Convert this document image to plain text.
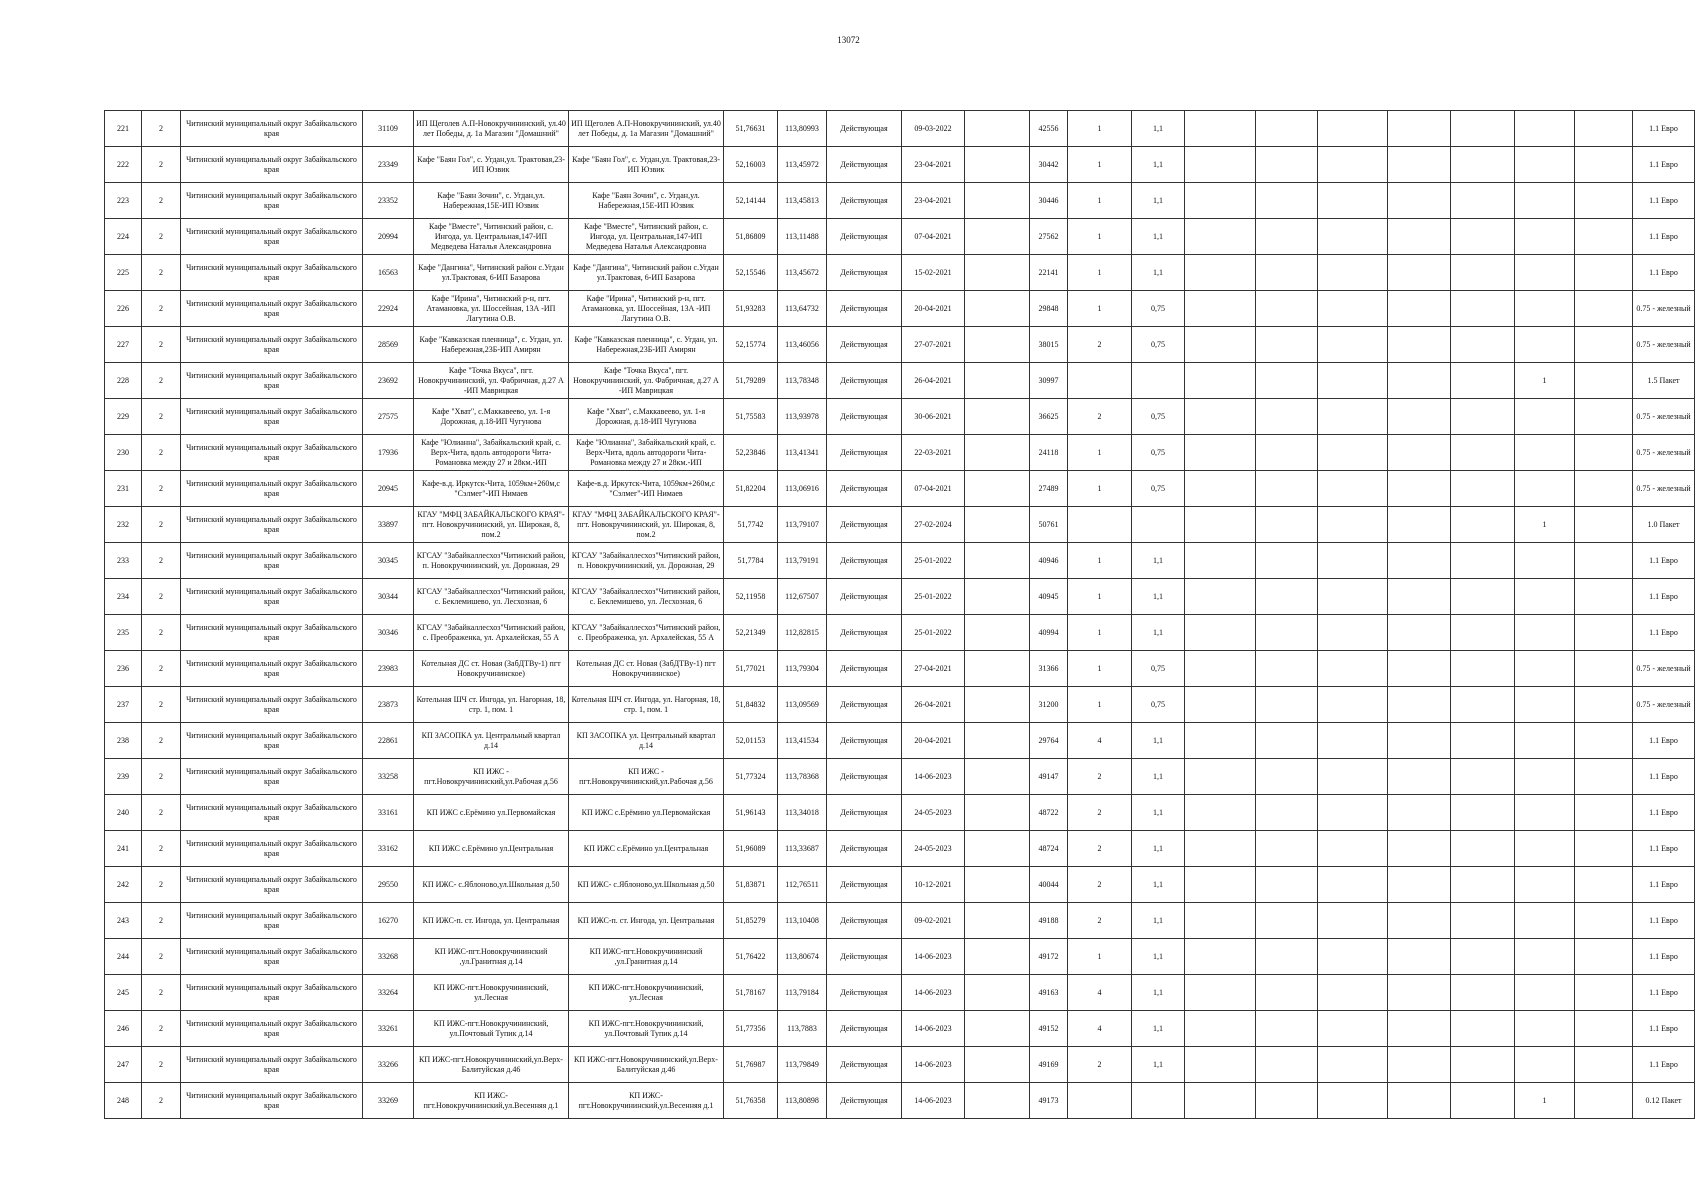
13072
221	2	Читинский муниципальный округ Забайкальского края	31109	ИП Щеголев А.П-Новокручининский, ул.40 лет Победы, д. 1а Магазин "Домашний"	ИП Щеголев А.П-Новокручининский, ул.40 лет Победы, д. 1а Магазин "Домашний"	51,76631	113,80993	Действующая	09-03-2022		42556	1	1,1								1.1 Евро
222	2	Читинский муниципальный округ Забайкальского края	23349	Кафе "Баян Гол", с. Угдан,ул. Трактовая,23-ИП Юзвик	Кафе "Баян Гол", с. Угдан,ул. Трактовая,23-ИП Юзвик	52,16003	113,45972	Действующая	23-04-2021		30442	1	1,1								1.1 Евро
223	2	Читинский муниципальный округ Забайкальского края	23352	Кафе "Баян Зочин", с. Угдан,ул. Набережная,15Е-ИП Юзвик	Кафе "Баян Зочин", с. Угдан,ул. Набережная,15Е-ИП Юзвик	52,14144	113,45813	Действующая	23-04-2021		30446	1	1,1								1.1 Евро
224	2	Читинский муниципальный округ Забайкальского края	20994	Кафе "Вместе", Читинский район, с. Ингода, ул. Центральная,147-ИП Медведева Наталья Александровна	Кафе "Вместе", Читинский район, с. Ингода, ул. Центральная,147-ИП Медведева Наталья Александровна	51,86809	113,11488	Действующая	07-04-2021		27562	1	1,1								1.1 Евро
225	2	Читинский муниципальный округ Забайкальского края	16563	Кафе "Дангина", Читинский район с.Угдан ул.Трактовая, 6-ИП Базарова	Кафе "Дангина", Читинский район с.Угдан ул.Трактовая, 6-ИП Базарова	52,15546	113,45672	Действующая	15-02-2021		22141	1	1,1								1.1 Евро
226	2	Читинский муниципальный округ Забайкальского края	22924	Кафе "Ирина", Читинский р-н, пгт. Атамановка, ул. Шоссейная, 13А -ИП Лагутина О.В.	Кафе "Ирина", Читинский р-н, пгт. Атамановка, ул. Шоссейная, 13А -ИП Лагутина О.В.	51,93283	113,64732	Действующая	20-04-2021		29848	1	0,75								0.75 - железный
227	2	Читинский муниципальный округ Забайкальского края	28569	Кафе "Кавказская пленница", с. Угдан, ул. Набережная,23Б-ИП Амирян	Кафе "Кавказская пленница", с. Угдан, ул. Набережная,23Б-ИП Амирян	52,15774	113,46056	Действующая	27-07-2021		38015	2	0,75								0.75 - железный
228	2	Читинский муниципальный округ Забайкальского края	23692	Кафе "Точка Вкуса", пгт. Новокручининский, ул. Фабричная, д.27 А -ИП Маврицкая	Кафе "Точка Вкуса", пгт. Новокручининский, ул. Фабричная, д.27 А -ИП Маврицкая	51,79289	113,78348	Действующая	26-04-2021		30997								1		1.5 Пакет
229	2	Читинский муниципальный округ Забайкальского края	27575	Кафе "Хват", с.Маккавеево, ул. 1-я Дорожная, д.18-ИП Чугунова	Кафе "Хват", с.Маккавеево, ул. 1-я Дорожная, д.18-ИП Чугунова	51,75583	113,93978	Действующая	30-06-2021		36625	2	0,75								0.75 - железный
230	2	Читинский муниципальный округ Забайкальского края	17936	Кафе "Юлианна", Забайкальский край, с. Верх-Чита, вдоль автодороги Чита-Романовка между 27 и 28км.-ИП	Кафе "Юлианна", Забайкальский край, с. Верх-Чита, вдоль автодороги Чита-Романовка между 27 и 28км.-ИП	52,23846	113,41341	Действующая	22-03-2021		24118	1	0,75								0.75 - железный
231	2	Читинский муниципальный округ Забайкальского края	20945	Кафе-в.д. Иркутск-Чита, 1059км+260м,с "Сэлмег"-ИП Нимаев	Кафе-в.д. Иркутск-Чита, 1059км+260м,с "Сэлмег"-ИП Нимаев	51,82204	113,06916	Действующая	07-04-2021		27489	1	0,75								0.75 - железный
232	2	Читинский муниципальный округ Забайкальского края	33897	КГАУ "МФЦ ЗАБАЙКАЛЬСКОГО КРАЯ"-пгт. Новокручининский, ул. Широкая, 8, пом.2	КГАУ "МФЦ ЗАБАЙКАЛЬСКОГО КРАЯ"-пгт. Новокручининский, ул. Широкая, 8, пом.2	51,7742	113,79107	Действующая	27-02-2024		50761								1		1.0 Пакет
233	2	Читинский муниципальный округ Забайкальского края	30345	КГСАУ "Забайкаллесхоз"Читинский район, п. Новокручининский, ул. Дорожная, 29	КГСАУ "Забайкаллесхоз"Читинский район, п. Новокручининский, ул. Дорожная, 29	51,7784	113,79191	Действующая	25-01-2022		40946	1	1,1								1.1 Евро
234	2	Читинский муниципальный округ Забайкальского края	30344	КГСАУ "Забайкаллесхоз"Читинский район, с. Беклемишево, ул. Лесхозная, 6	КГСАУ "Забайкаллесхоз"Читинский район, с. Беклемишево, ул. Лесхозная, 6	52,11958	112,67507	Действующая	25-01-2022		40945	1	1,1								1.1 Евро
235	2	Читинский муниципальный округ Забайкальского края	30346	КГСАУ "Забайкаллесхоз"Читинский район, с. Преображенка, ул. Архалейская, 55 А	КГСАУ "Забайкаллесхоз"Читинский район, с. Преображенка, ул. Архалейская, 55 А	52,21349	112,82815	Действующая	25-01-2022		40994	1	1,1								1.1 Евро
236	2	Читинский муниципальный округ Забайкальского края	23983	Котельная ДС ст. Новая (ЗабДТВу-1) пгт Новокручининское)	Котельная ДС ст. Новая (ЗабДТВу-1) пгт Новокручининское)	51,77021	113,79304	Действующая	27-04-2021		31366	1	0,75								0.75 - железный
237	2	Читинский муниципальный округ Забайкальского края	23873	Котельная ШЧ ст. Ингода, ул. Нагорная, 18, стр. 1, пом. 1	Котельная ШЧ ст. Ингода, ул. Нагорная, 18, стр. 1, пом. 1	51,84832	113,09569	Действующая	26-04-2021		31200	1	0,75								0.75 - железный
238	2	Читинский муниципальный округ Забайкальского края	22861	КП ЗАСОПКА ул. Центральный квартал д.14	КП ЗАСОПКА ул. Центральный квартал д.14	52,01153	113,41534	Действующая	20-04-2021		29764	4	1,1								1.1 Евро
239	2	Читинский муниципальный округ Забайкальского края	33258	КП ИЖС - пгт.Новокручининский,ул.Рабочая д.56	КП ИЖС - пгт.Новокручининский,ул.Рабочая д.56	51,77324	113,78368	Действующая	14-06-2023		49147	2	1,1								1.1 Евро
240	2	Читинский муниципальный округ Забайкальского края	33161	КП ИЖС с.Ерёмино ул.Первомайская	КП ИЖС с.Ерёмино ул.Первомайская	51,96143	113,34018	Действующая	24-05-2023		48722	2	1,1								1.1 Евро
241	2	Читинский муниципальный округ Забайкальского края	33162	КП ИЖС с.Ерёмино ул.Центральная	КП ИЖС с.Ерёмино ул.Центральная	51,96089	113,33687	Действующая	24-05-2023		48724	2	1,1								1.1 Евро
242	2	Читинский муниципальный округ Забайкальского края	29550	КП ИЖС- с.Яблоново,ул.Школьная д.50	КП ИЖС- с.Яблоново,ул.Школьная д.50	51,83871	112,76511	Действующая	10-12-2021		40044	2	1,1								1.1 Евро
243	2	Читинский муниципальный округ Забайкальского края	16270	КП ИЖС-п. ст. Ингода, ул. Центральная	КП ИЖС-п. ст. Ингода, ул. Центральная	51,85279	113,10408	Действующая	09-02-2021		49188	2	1,1								1.1 Евро
244	2	Читинский муниципальный округ Забайкальского края	33268	КП ИЖС-пгт.Новокручининский ,ул.Гранитная д.14	КП ИЖС-пгт.Новокручининский ,ул.Гранитная д.14	51,76422	113,80674	Действующая	14-06-2023		49172	1	1,1								1.1 Евро
245	2	Читинский муниципальный округ Забайкальского края	33264	КП ИЖС-пгт.Новокручининский, ул.Лесная	КП ИЖС-пгт.Новокручининский, ул.Лесная	51,78167	113,79184	Действующая	14-06-2023		49163	4	1,1								1.1 Евро
246	2	Читинский муниципальный округ Забайкальского края	33261	КП ИЖС-пгт.Новокручининский, ул.Почтовый Тупик д.14	КП ИЖС-пгт.Новокручининский, ул.Почтовый Тупик д.14	51,77356	113,7883	Действующая	14-06-2023		49152	4	1,1								1.1 Евро
247	2	Читинский муниципальный округ Забайкальского края	33266	КП ИЖС-пгт.Новокручининский,ул.Верх-Балитуйская д.46	КП ИЖС-пгт.Новокручининский,ул.Верх-Балитуйская д.46	51,76987	113,79849	Действующая	14-06-2023		49169	2	1,1								1.1 Евро
248	2	Читинский муниципальный округ Забайкальского края	33269	КП ИЖС-пгт.Новокручининский,ул.Весенняя д.1	КП ИЖС-пгт.Новокручининский,ул.Весенняя д.1	51,76358	113,80898	Действующая	14-06-2023		49173								1		0.12 Пакет
